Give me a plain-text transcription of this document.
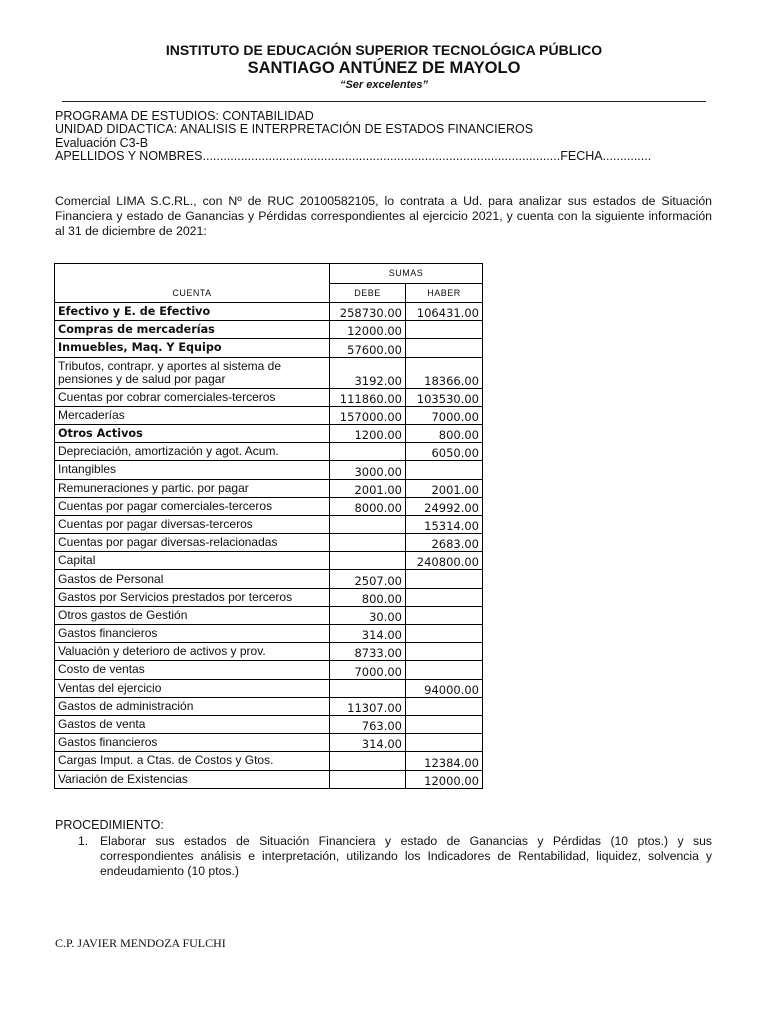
INSTITUTO DE EDUCACIÓN SUPERIOR TECNOLÓGICA PÚBLICO
SANTIAGO ANTÚNEZ DE MAYOLO
“Ser excelentes”
PROGRAMA DE ESTUDIOS: CONTABILIDAD
UNIDAD DIDACTICA: ANALISIS E INTERPRETACIÓN DE ESTADOS FINANCIEROS
Evaluación C3-B
APELLIDOS Y NOMBRES.......................................................................................................FECHA..............
Comercial LIMA S.C.RL., con Nº de RUC 20100582105, lo contrata a Ud. para analizar sus estados de Situación Financiera y estado de Ganancias y Pérdidas correspondientes al ejercicio 2021, y cuenta con la siguiente información al 31 de diciembre de 2021:
CUENTA	SUMAS	
	DEBE	HABER
Efectivo y E. de Efectivo	258730.00	106431.00
Compras de mercaderías	12000.00	
Inmuebles, Maq. Y Equipo	57600.00	
Tributos, contrapr. y aportes al sistema de pensiones y de salud por pagar	3192.00	18366.00
Cuentas por cobrar comerciales-terceros	111860.00	103530.00
Mercaderías	157000.00	7000.00
Otros Activos	1200.00	800.00
Depreciación, amortización y agot. Acum.		6050.00
Intangibles	3000.00	
Remuneraciones y partic. por pagar	2001.00	2001.00
Cuentas por pagar comerciales-terceros	8000.00	24992.00
Cuentas por pagar diversas-terceros		15314.00
Cuentas por pagar diversas-relacionadas		2683.00
Capital		240800.00
Gastos de Personal	2507.00	
Gastos por Servicios prestados por terceros	800.00	
Otros gastos de Gestión	30.00	
Gastos financieros	314.00	
Valuación y deterioro de activos y prov.	8733.00	
Costo de ventas	7000.00	
Ventas del ejercicio		94000.00
Gastos de administración	11307.00	
Gastos de venta	763.00	
Gastos financieros	314.00	
Cargas Imput. a Ctas. de Costos y Gtos.		12384.00
Variación de Existencias		12000.00
PROCEDIMIENTO:
1. Elaborar sus estados de Situación Financiera y estado de Ganancias y Pérdidas (10 ptos.) y sus correspondientes análisis e interpretación, utilizando los Indicadores de Rentabilidad, liquidez, solvencia y endeudamiento (10 ptos.)
C.P. JAVIER MENDOZA FULCHI
